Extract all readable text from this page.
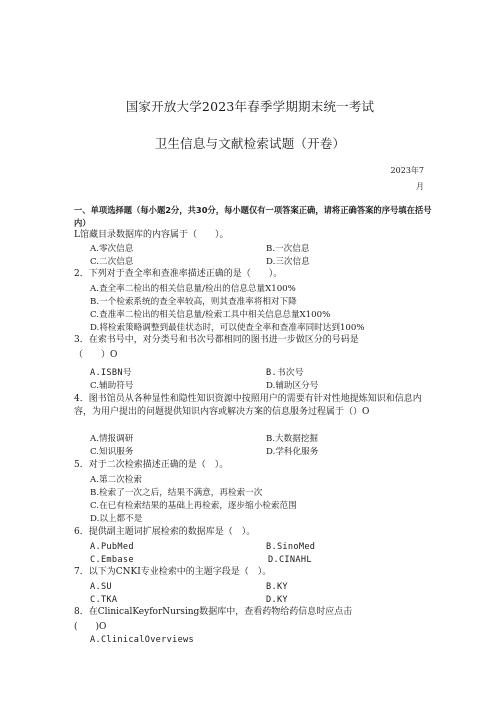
国家开放大学2023年春季学期期末统一考试
卫生信息与文献检索试题（开卷）
2023年7
月
一、单项选择题（每小题2分，共30分，每小题仅有一项答案正确，请将正确答案的序号填在括号内）
L馆藏目录数据库的内容属于（　　）。
A.零次信息	B.一次信息
C.二次信息	D.三次信息
2．下列对于查全率和查准率描述正确的是（　　）。
A.查全率二检出的相关信息量/检出的信息总量X100%
B.一个检索系统的查全率较高，则其查准率将相对下降
C.查准率二检出的相关信息量/检索工具中相关信息总量X100%
D.将检索策略调整到最佳状态时，可以使查全率和查准率同时达到100%
3．在索书号中，对分类号和书次号都相同的图书进一步做区分的号码是
（　　）O
A.ISBN号	B.书次号
C.辅助符号	D.辅助区分号
4．图书馆员从各种显性和隐性知识资源中按照用户的需要有针对性地提炼知识和信息内容，为用户提出的问题提供知识内容或解决方案的信息服务过程属于（）O
A.情报调研	B.大数据挖掘
C.知识服务	D.学科化服务
5．对于二次检索描述正确的是（　）。
A.第二次检索
B.检索了一次之后，结果不满意，再检索一次
C.在已有检索结果的基础上再检索，逐步缩小检索范围
D.以上都不是
6．提供副主题词扩展检索的数据库是（　）。
A.PubMed	B.SinoMed
C.Embase	D.CINAHL
7．以下为CNKI专业检索中的主题字段是（　）。
A.SU	B.KY
C.TKA	D.KY
8．在ClinicalKeyforNursing数据库中，查看药物给药信息时应点击
(　　)O
A.ClinicalOverviews
